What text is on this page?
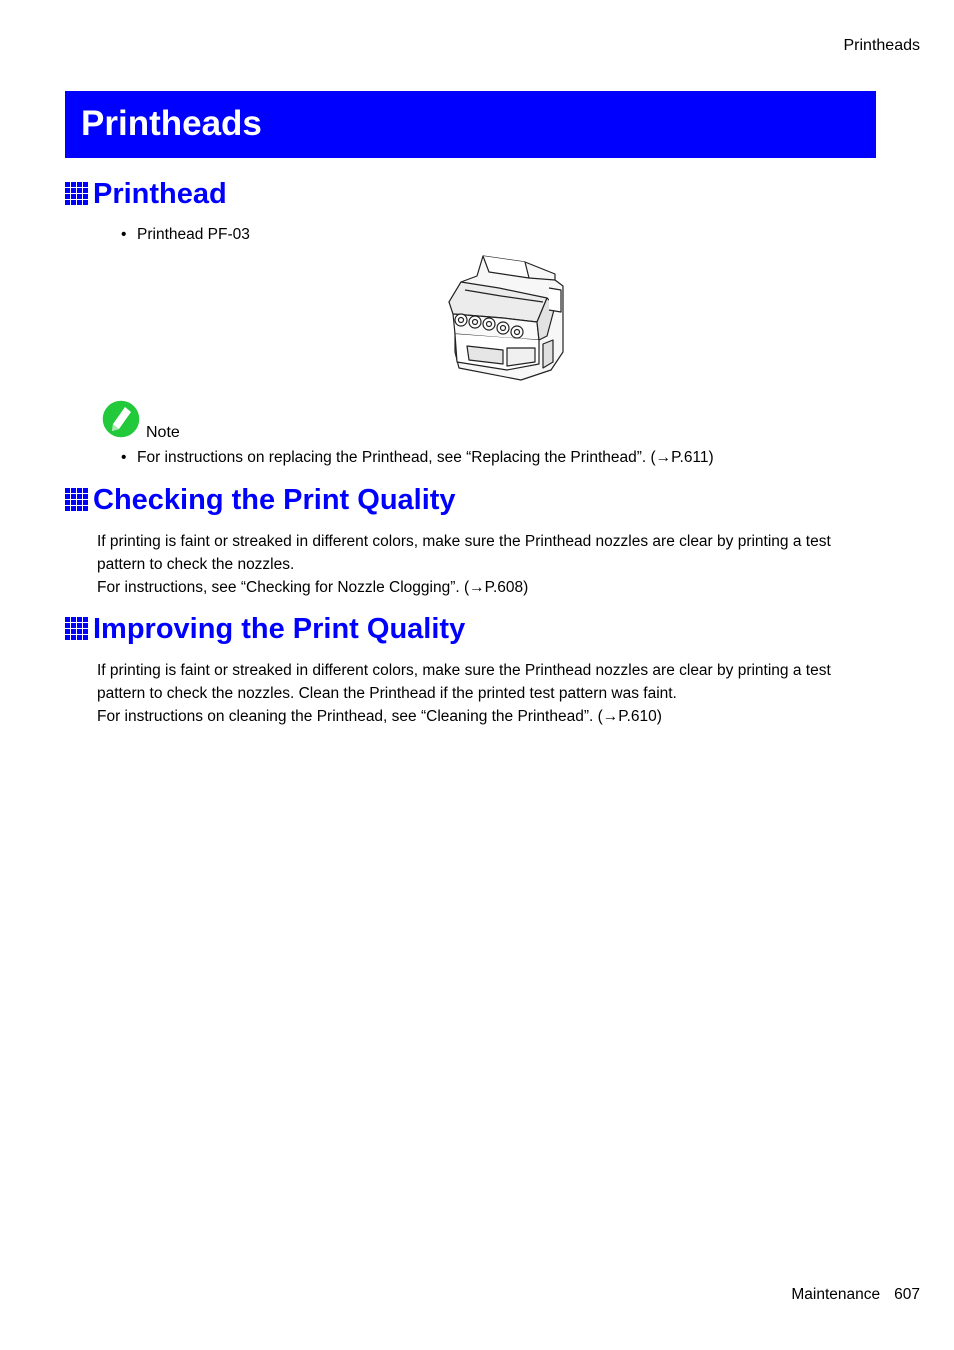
Printheads
Printheads
Printhead
• Printhead PF-03
Note
• For instructions on replacing the Printhead, see “Replacing the Printhead”. (→P.611)
Checking the Print Quality

If printing is faint or streaked in different colors, make sure the Printhead nozzles are clear by printing a test pattern to check the nozzles.

For instructions, see “Checking for Nozzle Clogging”. (→P.608)

Improving the Print Quality

If printing is faint or streaked in different colors, make sure the Printhead nozzles are clear by printing a test pattern to check the nozzles. Clean the Printhead if the printed test pattern was faint.

For instructions on cleaning the Printhead, see “Cleaning the Printhead”. (→P.610)

Maintenance 607
